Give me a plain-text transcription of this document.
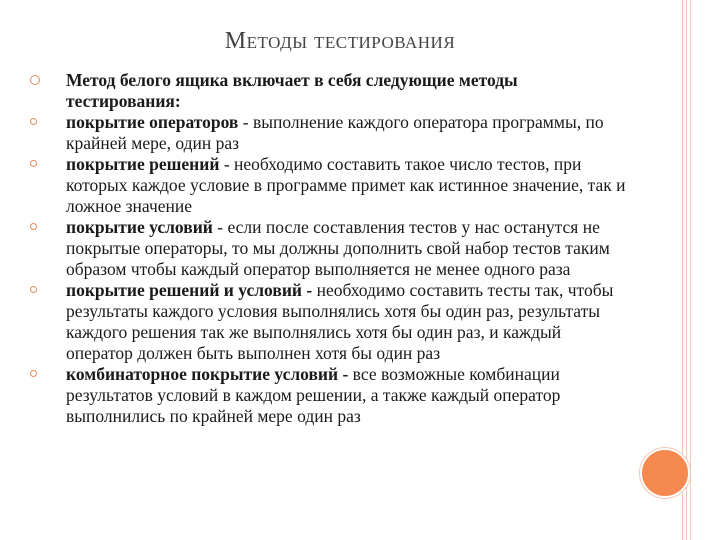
Методы тестирования
Метод белого ящика включает в себя следующие методы тестирования:
покрытие операторов - выполнение каждого оператора программы, по крайней мере, один раз
покрытие решений - необходимо составить такое число тестов, при которых каждое условие в программе примет как истинное значение, так и ложное значение
покрытие условий - если после составления тестов у нас останутся не покрытые операторы, то мы должны дополнить свой набор тестов таким образом чтобы каждый оператор выполняется не менее одного раза
покрытие решений и условий - необходимо составить тесты так, чтобы результаты каждого условия выполнялись хотя бы один раз, результаты каждого решения так же выполнялись хотя бы один раз, и каждый оператор должен быть выполнен хотя бы один раз
комбинаторное покрытие условий - все возможные комбинации результатов условий в каждом решении, а также каждый оператор выполнились по крайней мере один раз
